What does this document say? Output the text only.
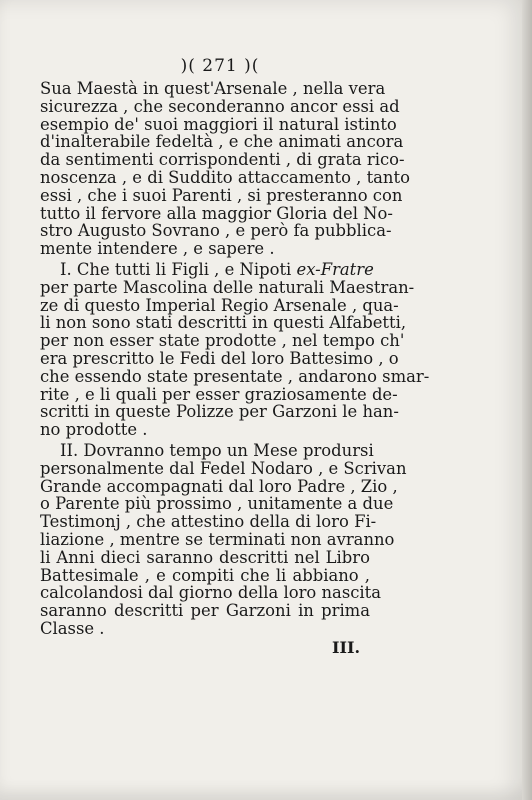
)( 271 )(
Sua Maestà in quest'Arsenale , nella vera
sicurezza , che seconderanno ancor essi ad
esempio de' suoi maggiori il natural istinto
d'inalterabile fedeltà , e che animati ancora
da sentimenti corrispondenti , di grata rico-
noscenza , e di Suddito attaccamento , tanto
essi , che i suoi Parenti , si presteranno con
tutto il fervore alla maggior Gloria del No-
stro Augusto Sovrano , e però fa pubblica-
mente intendere , e sapere .
I. Che tutti li Figli , e Nipoti ex-Fratre
per parte Mascolina delle naturali Maestran-
ze di questo Imperial Regio Arsenale , qua-
li non sono stati descritti in questi Alfabetti,
per non esser state prodotte , nel tempo ch'
era prescritto le Fedi del loro Battesimo , o
che essendo state presentate , andarono smar-
rite , e li quali per esser graziosamente de-
scritti in queste Polizze per Garzoni le han-
no prodotte .
II. Dovranno tempo un Mese prodursi
personalmente dal Fedel Nodaro , e Scrivan
Grande accompagnati dal loro Padre , Zio ,
o Parente più prossimo , unitamente a due
Testimonj , che attestino della di loro Fi-
liazione , mentre se terminati non avranno
li Anni dieci saranno descritti nel Libro
Battesimale , e compiti che li abbiano ,
calcolandosi dal giorno della loro nascita
saranno descritti per Garzoni in prima
Classe .
III.
